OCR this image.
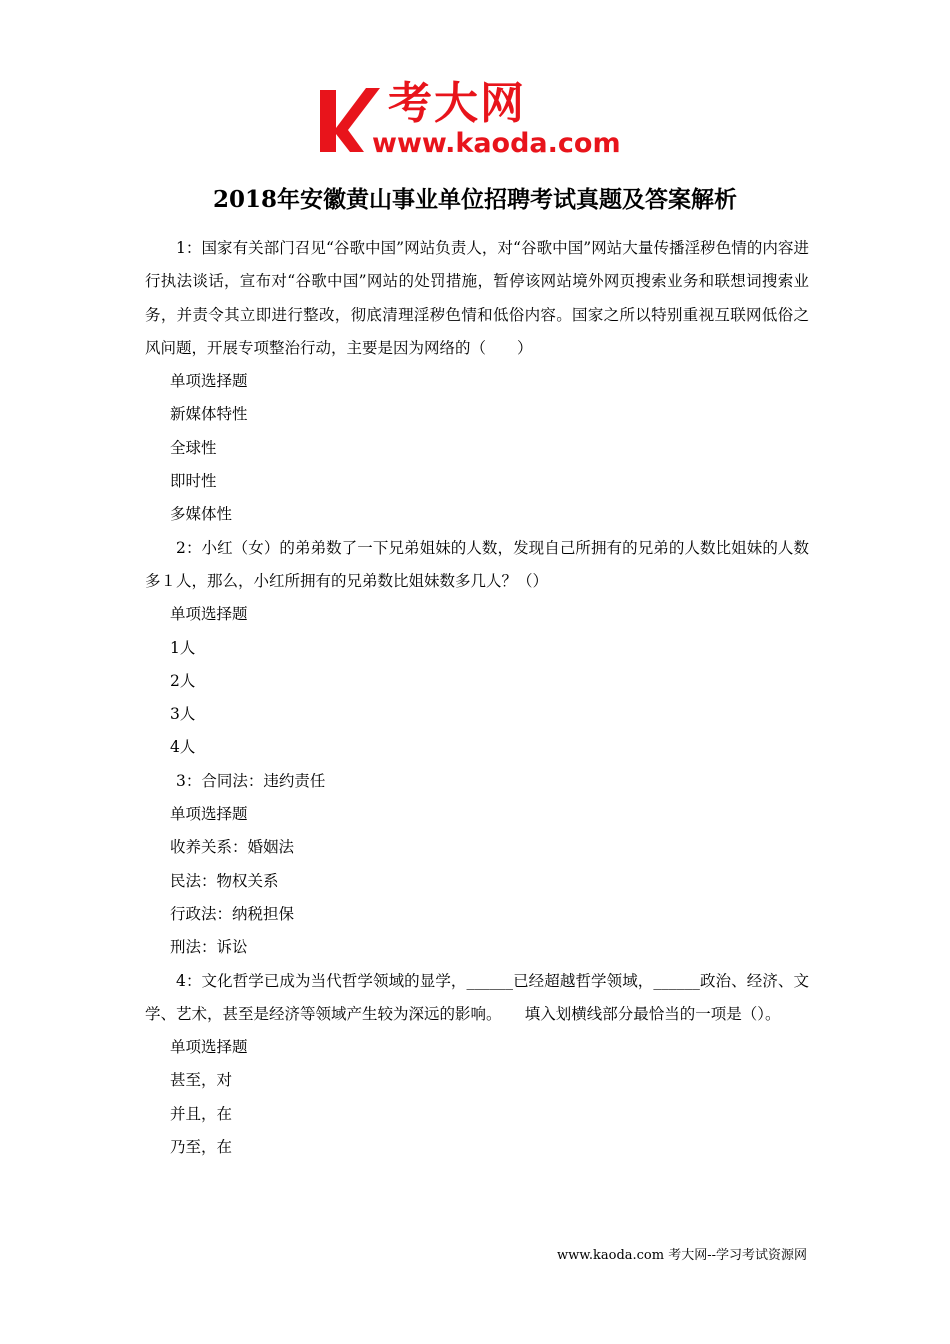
考大网
www.kaoda.com
2018年安徽黄山事业单位招聘考试真题及答案解析

1：国家有关部门召见“谷歌中国”网站负责人，对“谷歌中国”网站大量传播淫秽色情的内容进行执法谈话，宣布对“谷歌中国”网站的处罚措施，暂停该网站境外网页搜索业务和联想词搜索业务，并责令其立即进行整改，彻底清理淫秽色情和低俗内容。国家之所以特别重视互联网低俗之风问题，开展专项整治行动，主要是因为网络的（　　）

单项选择题

新媒体特性

全球性

即时性

多媒体性

2：小红（女）的弟弟数了一下兄弟姐妹的人数，发现自己所拥有的兄弟的人数比姐妹的人数多１人，那么，小红所拥有的兄弟数比姐妹数多几人？（）

单项选择题

1人

2人

3人

4人

3：合同法：违约责任

单项选择题

收养关系：婚姻法

民法：物权关系

行政法：纳税担保

刑法：诉讼

4：文化哲学已成为当代哲学领域的显学，______已经超越哲学领域，______政治、经济、文学、艺术，甚至是经济等领域产生较为深远的影响。　　填入划横线部分最恰当的一项是（）。

单项选择题

甚至，对

并且，在

乃至，在

www.kaoda.com 考大网--学习考试资源网
